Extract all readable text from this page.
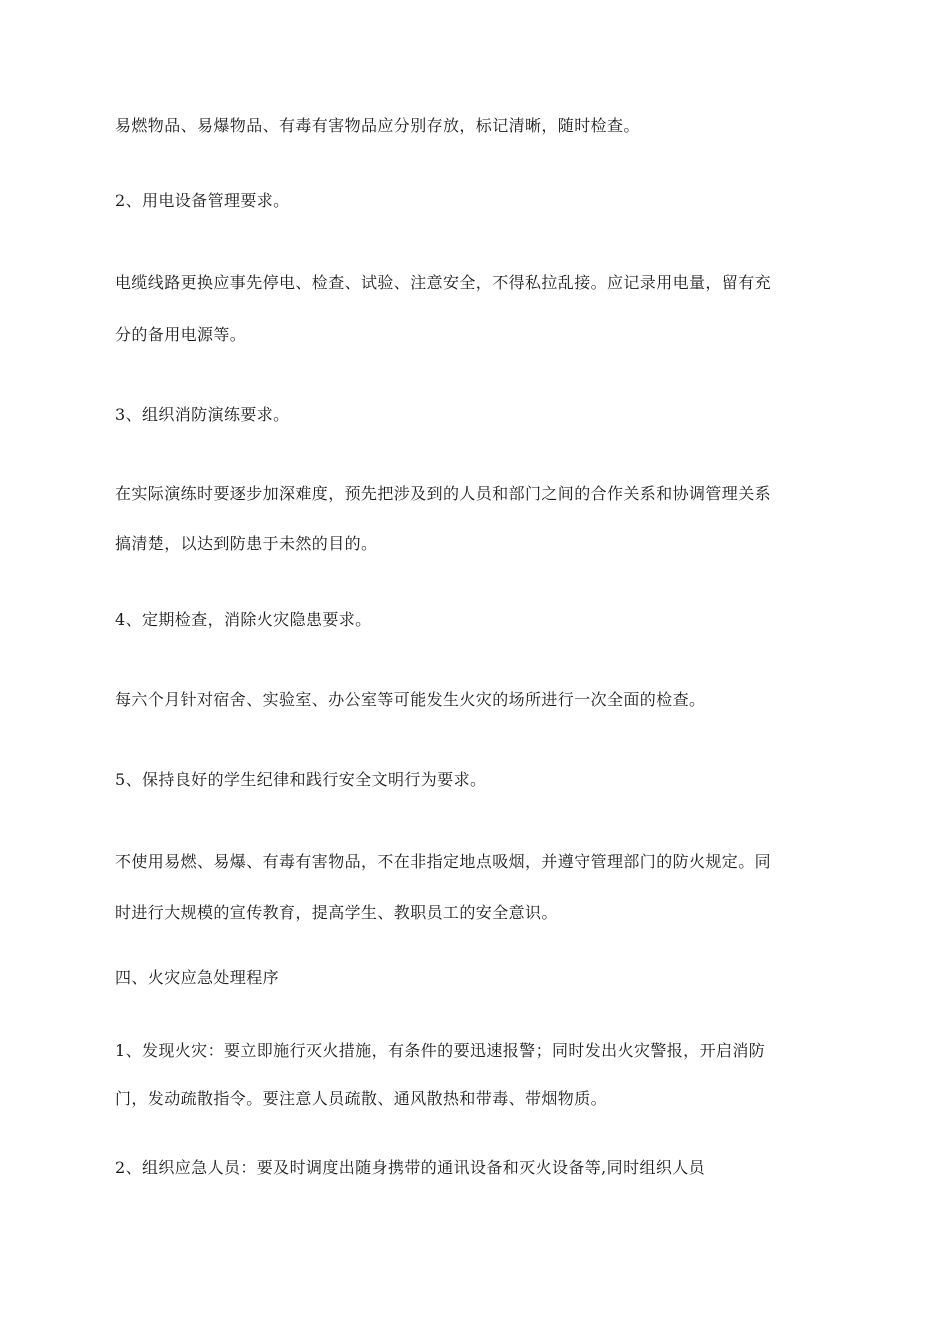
易燃物品、易爆物品、有毒有害物品应分别存放，标记清晰，随时检查。
2、用电设备管理要求。
电缆线路更换应事先停电、检查、试验、注意安全，不得私拉乱接。应记录用电量，留有充
分的备用电源等。
3、组织消防演练要求。
在实际演练时要逐步加深难度，预先把涉及到的人员和部门之间的合作关系和协调管理关系
搞清楚，以达到防患于未然的目的。
4、定期检查，消除火灾隐患要求。
每六个月针对宿舍、实验室、办公室等可能发生火灾的场所进行一次全面的检查。
5、保持良好的学生纪律和践行安全文明行为要求。
不使用易燃、易爆、有毒有害物品，不在非指定地点吸烟，并遵守管理部门的防火规定。同
时进行大规模的宣传教育，提高学生、教职员工的安全意识。
四、火灾应急处理程序
1、发现火灾：要立即施行灭火措施，有条件的要迅速报警；同时发出火灾警报，开启消防
门，发动疏散指令。要注意人员疏散、通风散热和带毒、带烟物质。
2、组织应急人员：要及时调度出随身携带的通讯设备和灭火设备等,同时组织人员
